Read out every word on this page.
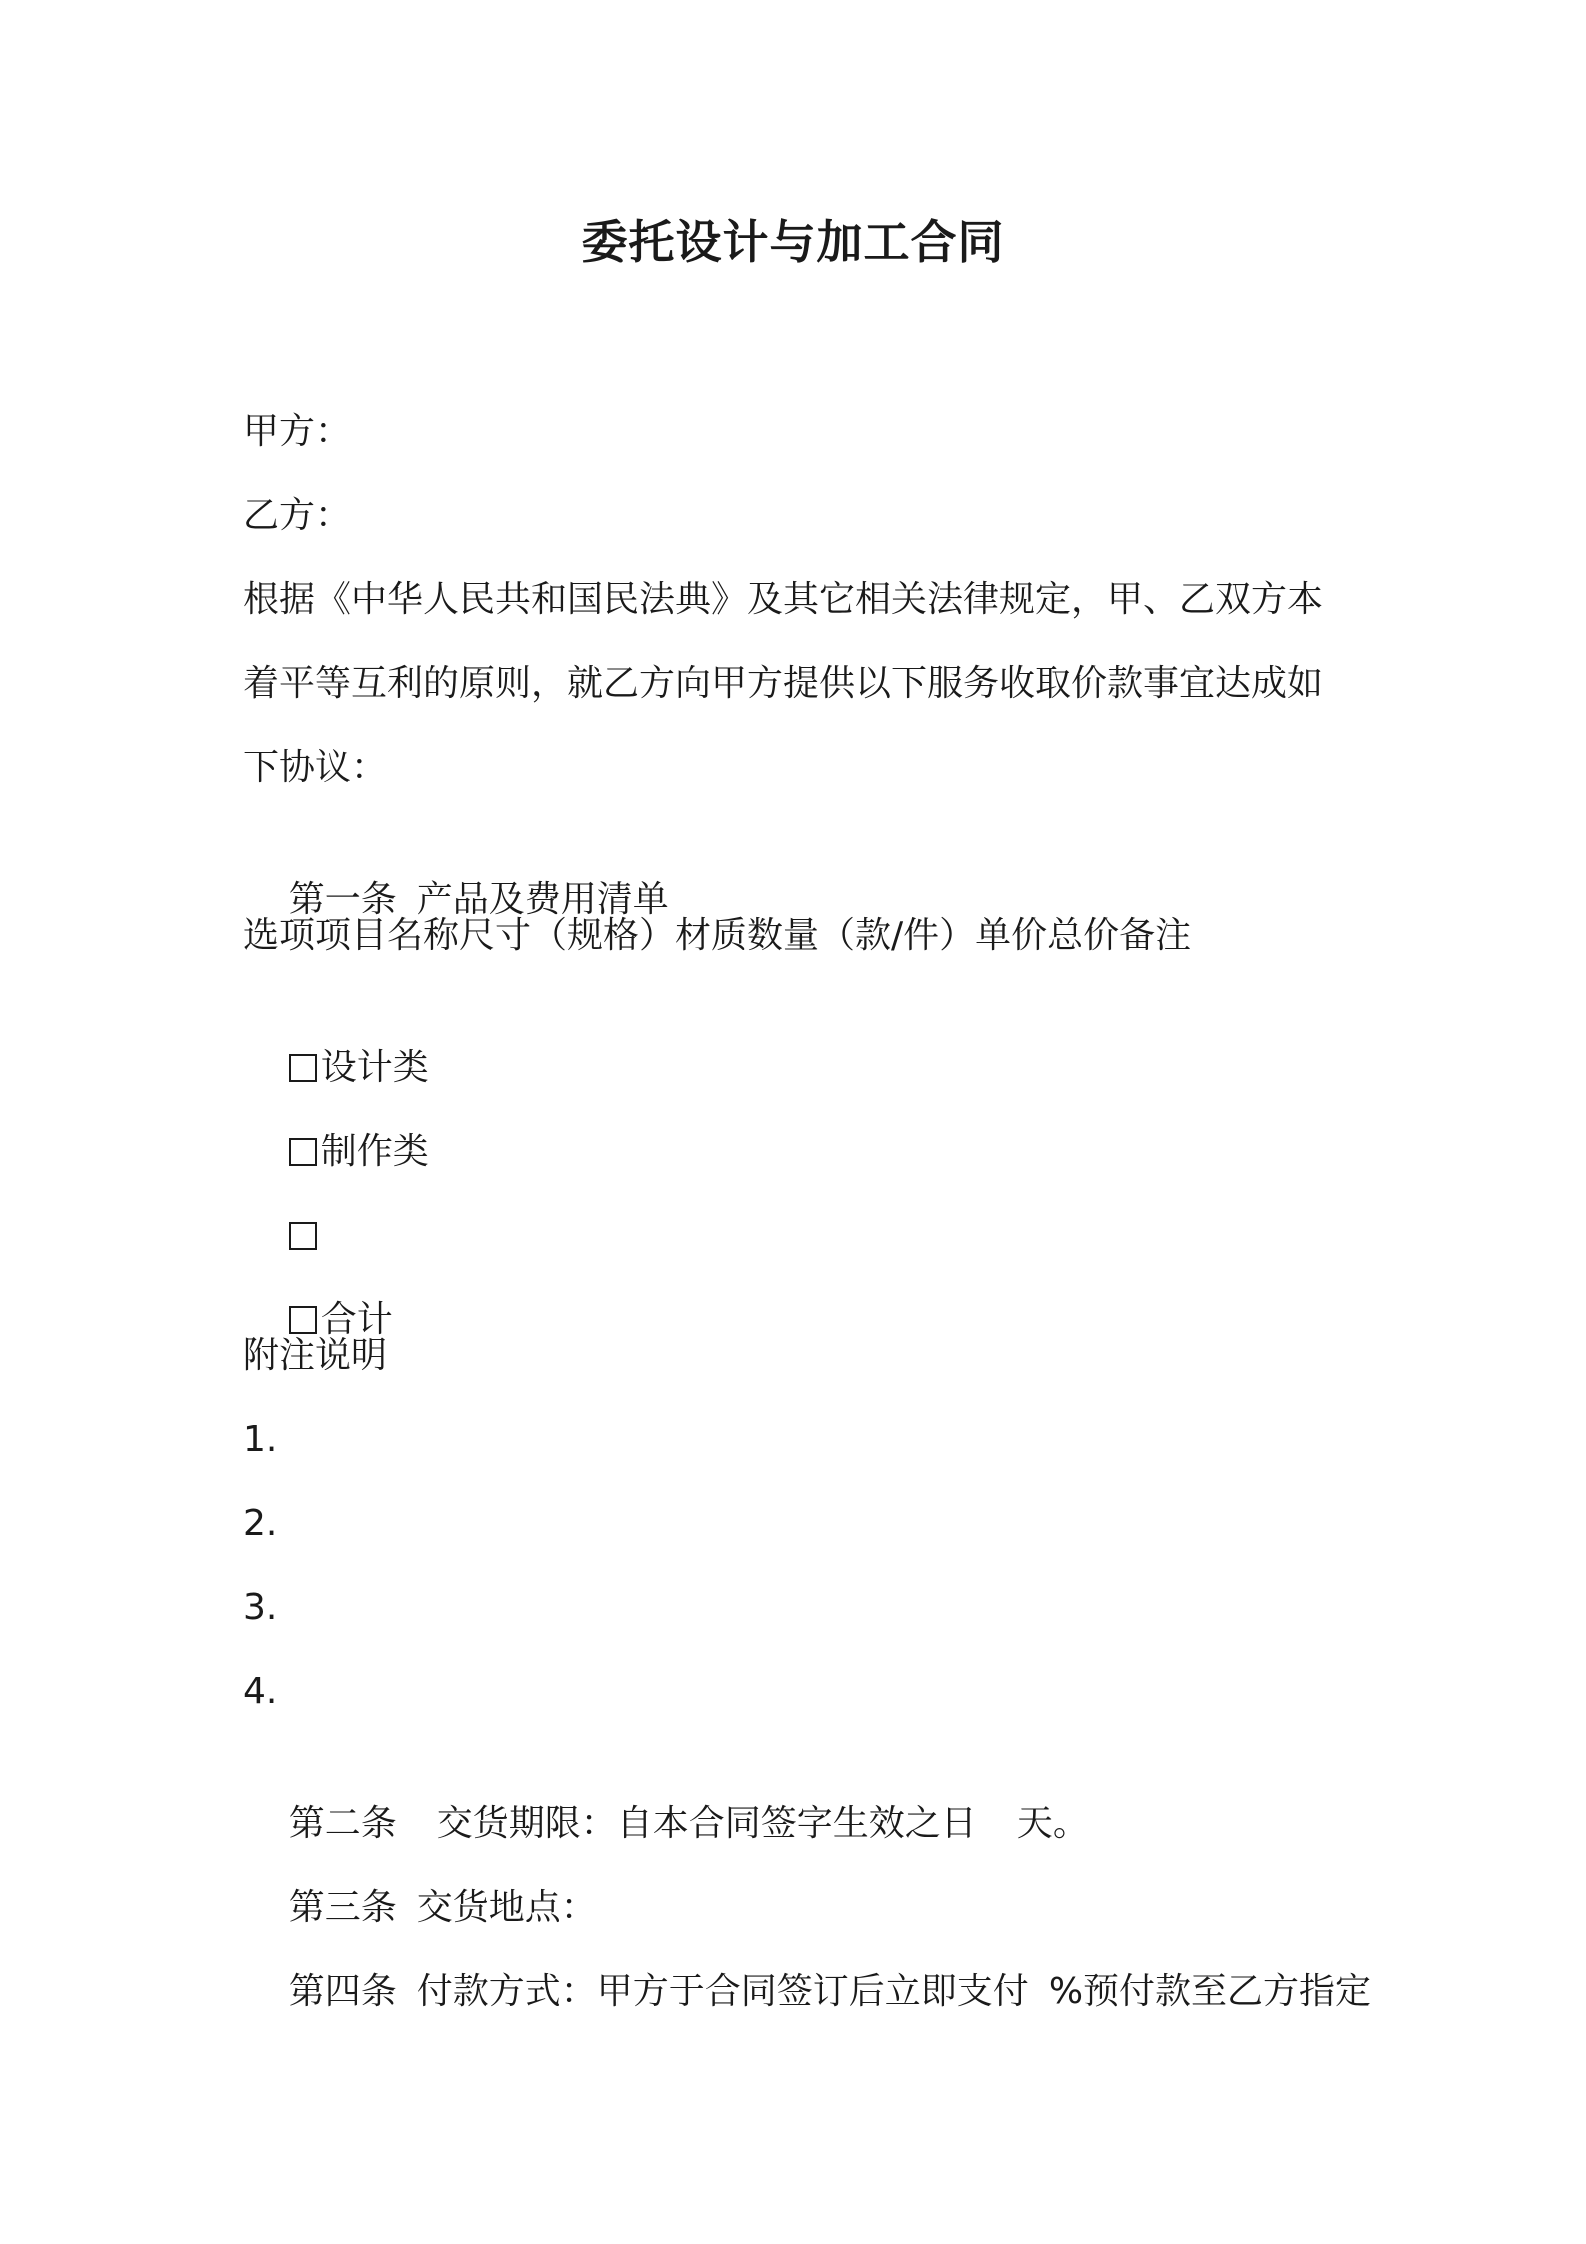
委托设计与加工合同
甲方：
乙方：
根据《中华人民共和国民法典》及其它相关法律规定，甲、乙双方本
着平等互利的原则，就乙方向甲方提供以下服务收取价款事宜达成如
下协议：

第一条 产品及费用清单

选项项目名称尺寸（规格）材质数量（款/件）单价总价备注

设计类

制作类

合计

附注说明
1.
2.
3.
4.

第二条 交货期限：自本合同签字生效之日 天。

第三条 交货地点：

第四条 付款方式：甲方于合同签订后立即支付 %预付款至乙方指定
